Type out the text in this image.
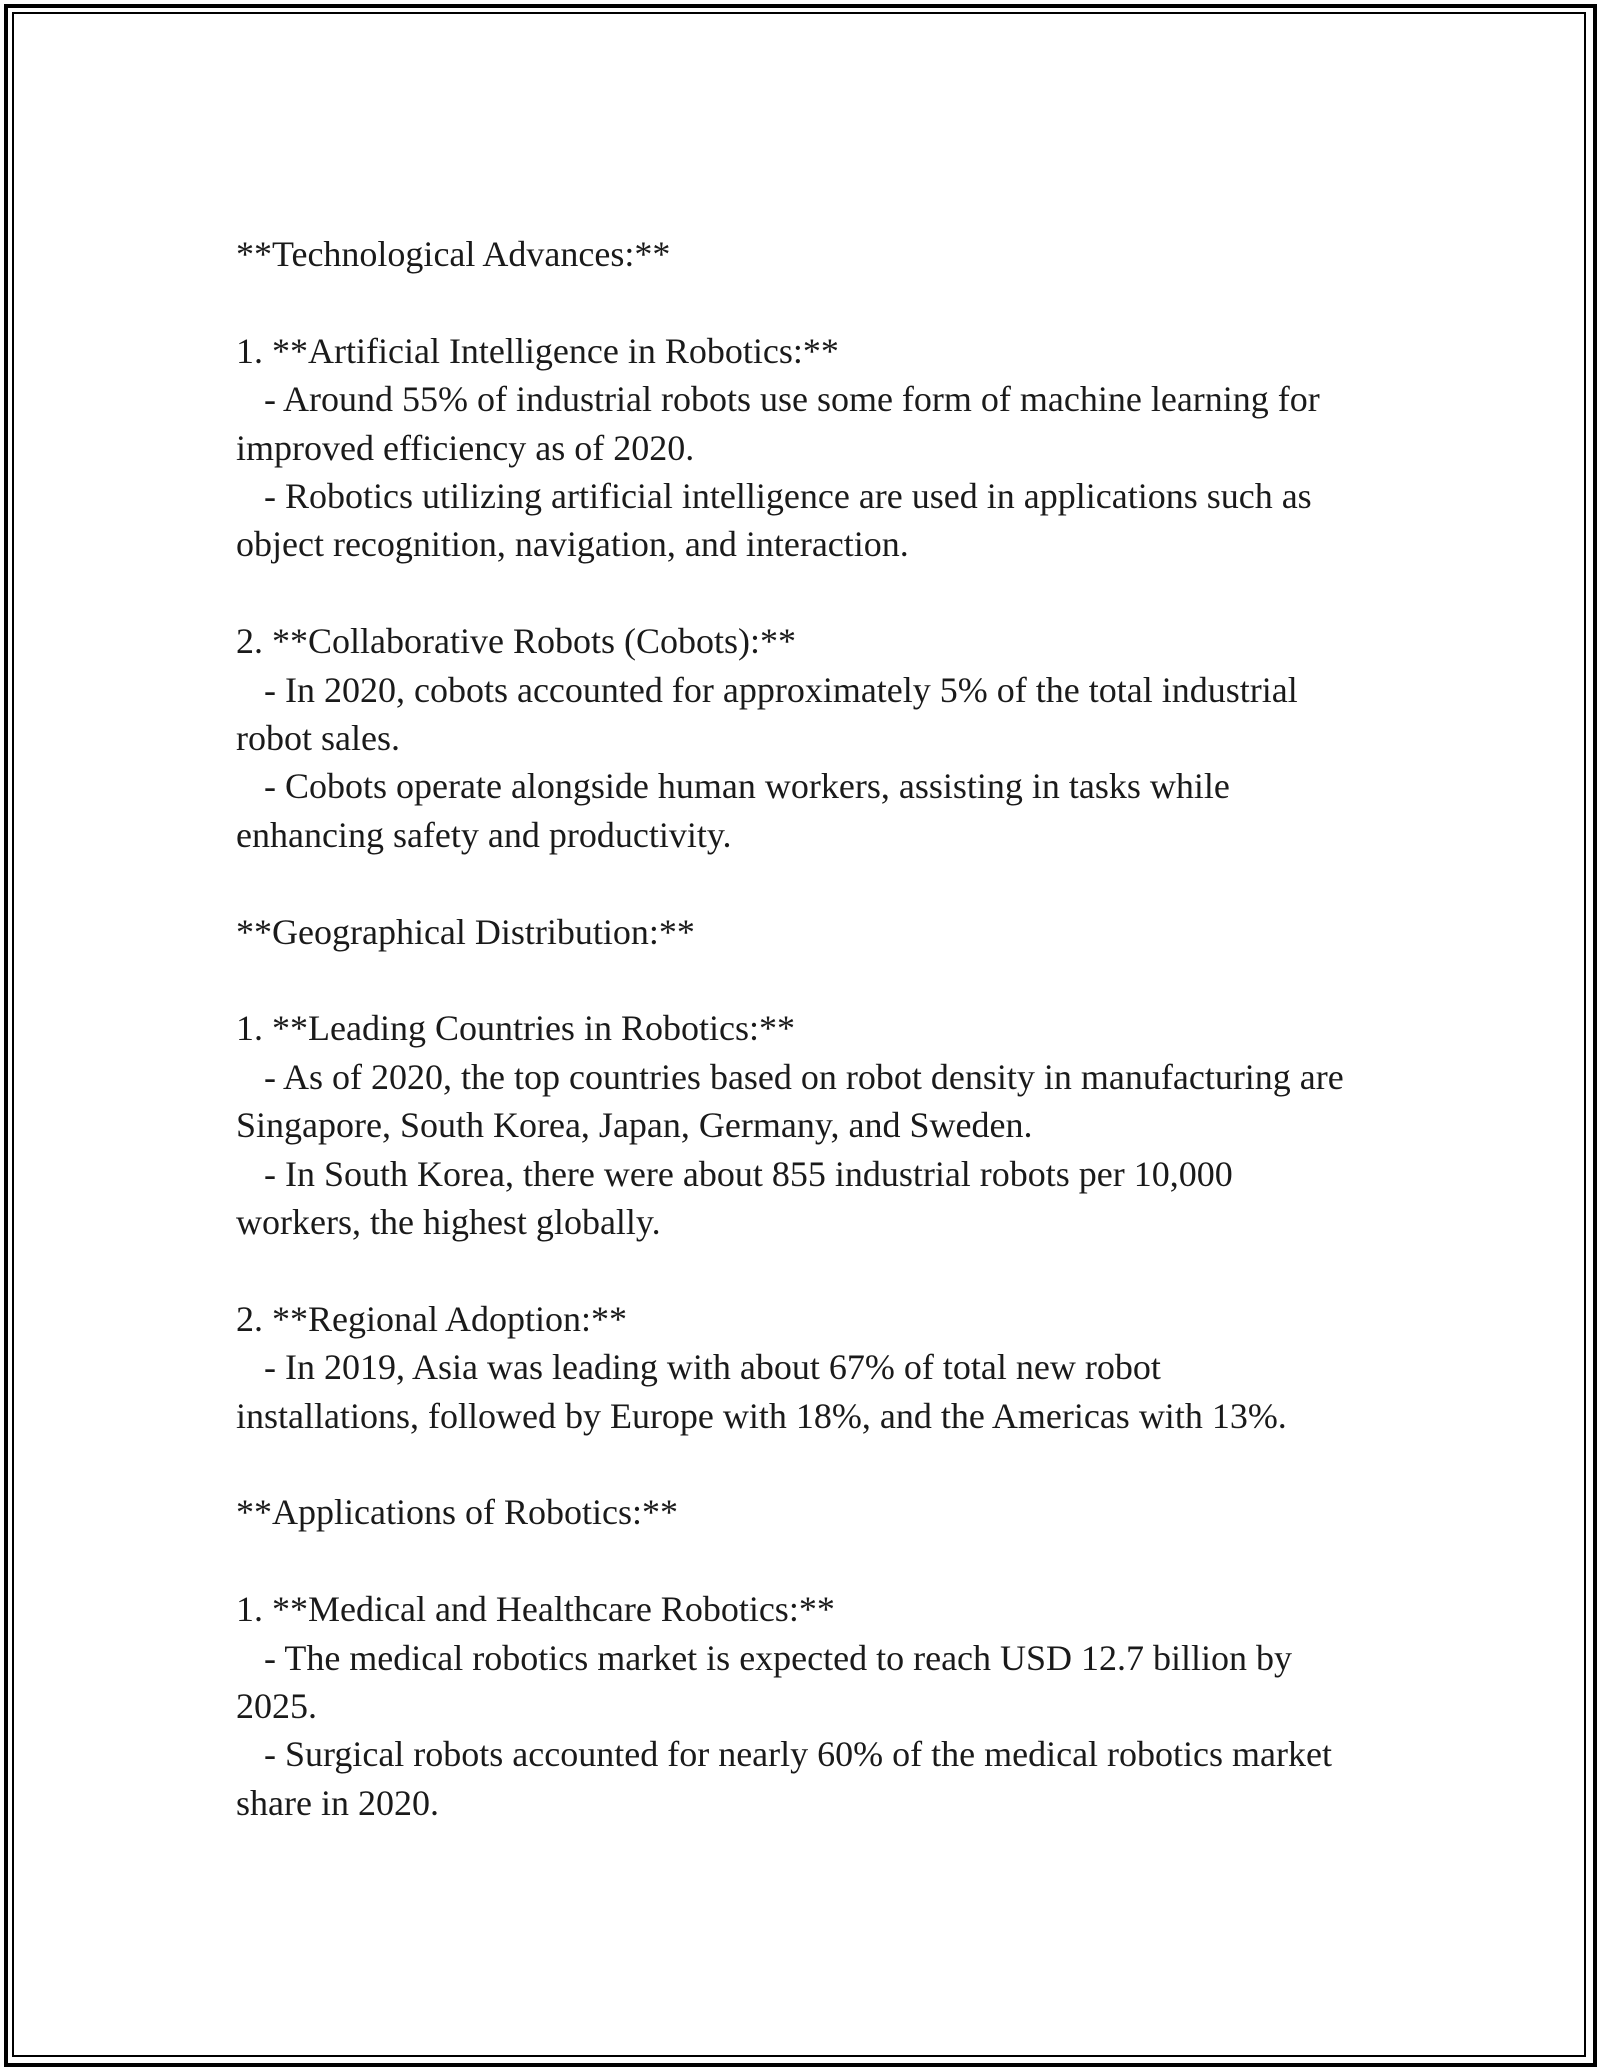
**Technological Advances:**
1. **Artificial Intelligence in Robotics:**
- Around 55% of industrial robots use some form of machine learning for
improved efficiency as of 2020.
- Robotics utilizing artificial intelligence are used in applications such as
object recognition, navigation, and interaction.
2. **Collaborative Robots (Cobots):**
- In 2020, cobots accounted for approximately 5% of the total industrial
robot sales.
- Cobots operate alongside human workers, assisting in tasks while
enhancing safety and productivity.
**Geographical Distribution:**
1. **Leading Countries in Robotics:**
- As of 2020, the top countries based on robot density in manufacturing are
Singapore, South Korea, Japan, Germany, and Sweden.
- In South Korea, there were about 855 industrial robots per 10,000
workers, the highest globally.
2. **Regional Adoption:**
- In 2019, Asia was leading with about 67% of total new robot
installations, followed by Europe with 18%, and the Americas with 13%.
**Applications of Robotics:**
1. **Medical and Healthcare Robotics:**
- The medical robotics market is expected to reach USD 12.7 billion by
2025.
- Surgical robots accounted for nearly 60% of the medical robotics market
share in 2020.
